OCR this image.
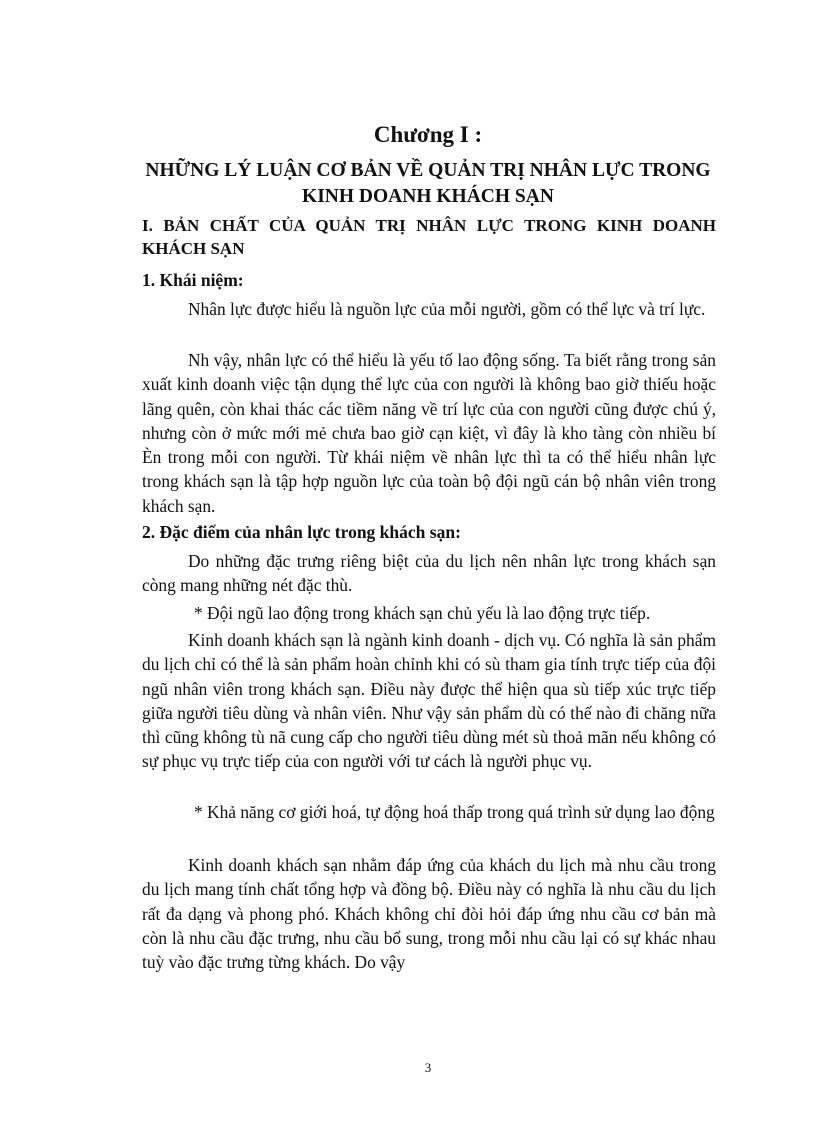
Chương I :
NHỮNG LÝ LUẬN CƠ BẢN VỀ QUẢN TRỊ NHÂN LỰC TRONG KINH DOANH KHÁCH SẠN
I. BẢN CHẤT CỦA QUẢN TRỊ NHÂN LỰC TRONG KINH DOANH KHÁCH SẠN
1. Khái niệm:
Nhân lực được hiểu là nguồn lực của mỗi người, gồm có thể lực và trí lực.
Nh vậy, nhân lực có thể hiểu là yếu tố lao động sống. Ta biết rằng trong sản xuất kinh doanh việc tận dụng thể lực của con người là không bao giờ thiếu hoặc lãng quên, còn khai thác các tiềm năng về trí lực của con người cũng được chú ý, nhưng còn ở mức mới mẻ chưa bao giờ cạn kiệt, vì đây là kho tàng còn nhiều bí Èn trong mỗi con người. Từ khái niệm về nhân lực thì ta có thể hiểu nhân lực trong khách sạn là tập hợp nguồn lực của toàn bộ đội ngũ cán bộ nhân viên trong khách sạn.
2. Đặc điểm của nhân lực trong khách sạn:
Do những đặc trưng riêng biệt của du lịch nên nhân lực trong khách sạn còng mang những nét đặc thù.
* Đội ngũ lao động trong khách sạn chủ yếu là lao động trực tiếp.
Kinh doanh khách sạn là ngành kinh doanh - dịch vụ. Có nghĩa là sản phẩm du lịch chỉ có thể là sản phẩm hoàn chỉnh khi có sù tham gia tính trực tiếp của đội ngũ nhân viên trong khách sạn. Điều này được thể hiện qua sù tiếp xúc trực tiếp giữa người tiêu dùng và nhân viên. Như vậy sản phẩm dù có thế nào đi chăng nữa thì cũng không tù nã cung cấp cho người tiêu dùng mét sù thoả mãn nếu không có sự phục vụ trực tiếp của con người với tư cách là người phục vụ.
* Khả năng cơ giới hoá, tự động hoá thấp trong quá trình sử dụng lao động
Kinh doanh khách sạn nhằm đáp ứng của khách du lịch mà nhu cầu trong du lịch mang tính chất tổng hợp và đồng bộ. Điều này có nghĩa là nhu cầu du lịch rất đa dạng và phong phó. Khách không chỉ đòi hỏi đáp ứng nhu cầu cơ bản mà còn là nhu cầu đặc trưng, nhu cầu bổ sung, trong mỗi nhu cầu lại có sự khác nhau tuỳ vào đặc trưng từng khách. Do vậy
3
